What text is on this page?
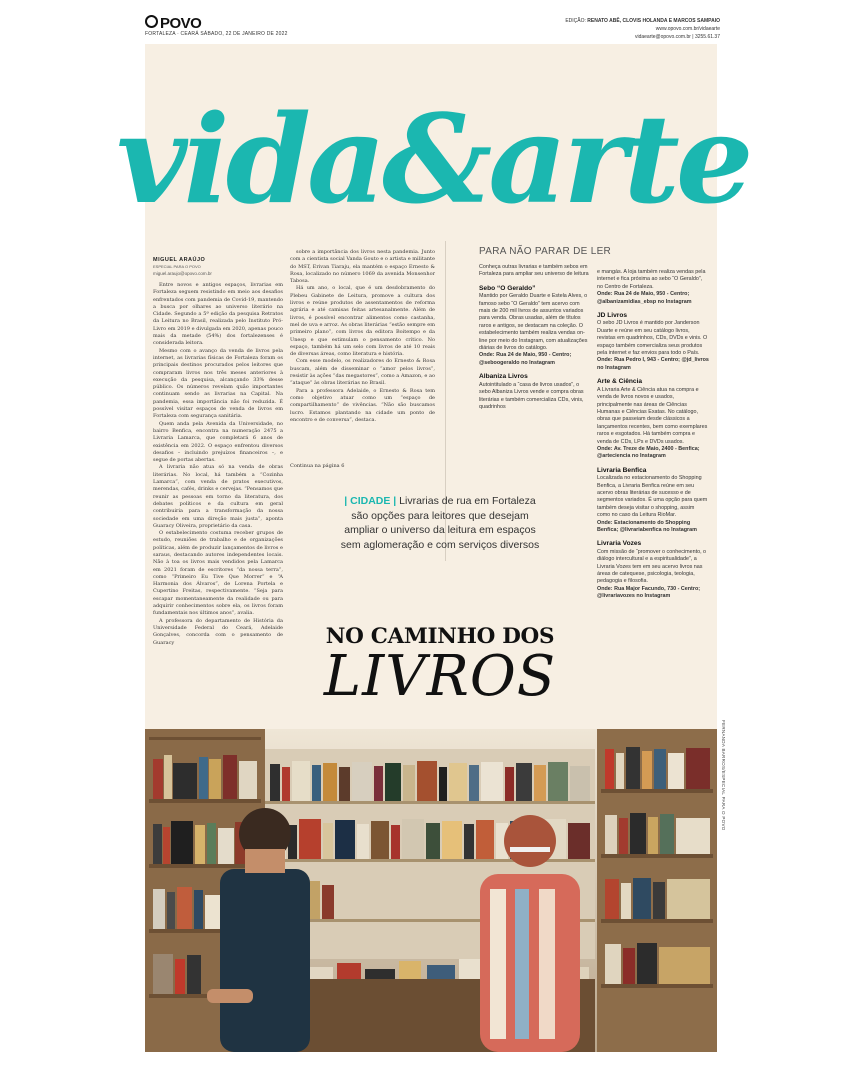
POVO
FORTALEZA · CEARÁ SÁBADO, 22 DE JANEIRO DE 2022
EDIÇÃO: RENATO ABÊ, CLOVIS HOLANDA E MARCOS SAMPAIO
www.opovo.com.br/vidaearte
vidaearte@opovo.com.br | 3255.61.37
vida&arte
MIGUEL ARAÚJO
ESPECIAL PARA O POVO
miguel.araujo@opovo.com.br

Entre novos e antigos espaços, livrarias em Fortaleza seguem resistindo em meio aos desafios enfrentados com pandemia de Covid-19, mantendo a busca por olhares ao universo literário na Cidade. Segundo a 5ª edição da pesquisa Retratos da Leitura no Brasil, realizada pelo Instituto Pró-Livro em 2019 e divulgada em 2020, apenas pouco mais da metade (54%) dos fortalezenses é considerada leitora.

Mesmo com o avanço da venda de livros pela internet, as livrarias físicas de Fortaleza foram os principais destinos procurados pelos leitores que compraram livros nos três meses anteriores à execução da pesquisa, alcançando 33% desse público. Os números revelam quão importantes continuam sendo as livrarias na Capital. Na pandemia, essa importância não foi reduzida. É possível visitar espaços de venda de livros em Fortaleza com segurança sanitária.

Quem anda pela Avenida da Universidade, no bairro Benfica, encontra na numeração 2475 a Livraria Lamarca, que completará 6 anos de existência em 2022. O espaço enfrentou diversos desafios – incluindo prejuízos financeiros –, e segue de portas abertas.

A livraria não atua só na venda de obras literárias. No local, há também a “Cozinha Lamarca”, com venda de pratos executivos, merendas, cafés, drinks e cervejas. “Pensamos que reunir as pessoas em torno da literatura, dos debates políticos e da cultura em geral contribuiria para a transformação da nossa sociedade em uma direção mais justa”, aponta Guaracy Oliveira, proprietário da casa.

O estabelecimento costuma receber grupos de estudo, reuniões de trabalho e de organizações políticas, além de produzir lançamentos de livros e saraus, destacando autores independentes locais. Não à toa os livros mais vendidos pela Lamarca em 2021 foram de escritores “da nossa terra”, como “Primeiro Eu Tive Que Morrer” e “A Harmonia dos Álvaros”, de Lorena Portela e Cupertino Freitas, respectivamente. “Seja para escapar momentaneamente da realidade ou para adquirir conhecimentos sobre ela, os livros foram fundamentais nos últimos anos”, avalia.

A professora do departamento de História da Universidade Federal do Ceará, Adelaide Gonçalves, concorda com o pensamento de Guaracy

sobre a importância dos livros nesta pandemia. Junto com a cientista social Vanda Gouto e o artista e militante do MST, Erivan Tiaraju, ela mantém o espaço Ernesto & Rosa, localizado no número 1069 da avenida Monsenhor Tabosa.

Há um ano, o local, que é um desdobramento do Plebeu Gabinete de Leitura, promove a cultura dos livros e reúne produtos de assentamentos de reforma agrária e até camisas feitas artesanalmente. Além de livros, é possível encontrar alimentos como castanha, mel de uva e arroz. As obras literárias “estão sempre em primeiro plano”, com livros da editora Boitempo e da Unesp e que estimulam o pensamento crítico. No espaço, também há um selo com livros de até 10 reais de diversas áreas, como literatura e história.

Com esse modelo, os realizadores do Ernesto & Rosa buscam, além de disseminar o “amor pelos livros”, resistir às ações “das megastores”, como a Amazon, e ao “ataque” às obras literárias no Brasil.

Para a professora Adelaide, o Ernesto & Rosa tem como objetivo atuar como um “espaço de compartilhamento” de vivências. “Não são buscamos lucro. Estamos plantando na cidade um ponto de encontro e de conversa”, destaca.

Continua na página 6
PARA NÃO PARAR DE LER

Conheça outras livrarias e também sebos em Fortaleza para ampliar seu universo de leitura

Sebo “O Geraldo”

Mantido por Geraldo Duarte e Estela Alves, o famoso sebo “O Geraldo” tem acervo com mais de 200 mil livros de assuntos variados para venda. Obras usadas, além de títulos raros e antigos, se destacam na coleção. O estabelecimento também realiza vendas on-line por meio do Instagram, com atualizações diárias de livros do catálogo.

Onde: Rua 24 de Maio, 950 - Centro; @seboogeraldo no Instagram

Albaniza Livros

Autointitulado a “casa de livros usados”, o sebo Albaniza Livros vende e compra obras literárias e também comercializa CDs, vinis, quadrinhos

e mangás. A loja também realiza vendas pela internet e fica próxima ao sebo “O Geraldo”, no Centro de Fortaleza.

Onde: Rua 24 de Maio, 950 - Centro; @albanizamidias_ebsp no Instagram

JD Livros

O sebo JD Livros é mantido por Janderson Duarte e reúne em seu catálogo livros, revistas em quadrinhos, CDs, DVDs e vinis. O espaço também comercializa seus produtos pela internet e faz envios para todo o País.

Onde: Rua Pedro I, 943 - Centro; @jd_livros no Instagram

Arte & Ciência

A Livraria Arte & Ciência atua na compra e venda de livros novos e usados, principalmente nas áreas de Ciências Humanas e Ciências Exatas. No catálogo, obras que passeiam desde clássicos a lançamentos recentes, bem como exemplares raros e esgotados. Há também compra e venda de CDs, LPs e DVDs usados.

Onde: Av. Treze de Maio, 2400 - Benfica; @arteciencia no Instagram

Livraria Benfica

Localizada no estacionamento do Shopping Benfica, a Livraria Benfica reúne em seu acervo obras literárias de sucesso e de segmentos variados. É uma opção para quem também deseja visitar o shopping, assim como no caso da Leitura RioMar.

Onde: Estacionamento do Shopping Benfica; @livrariabenfica no Instagram

Livraria Vozes

Com missão de “promover o conhecimento, o diálogo intercultural e a espiritualidade”, a Livraria Vozes tem em seu acervo livros nas áreas de catequese, psicologia, teologia, pedagogia e filosofia.

Onde: Rua Major Facundo, 730 - Centro; @livrariavozes no Instagram

| CIDADE | Livrarias de rua em Fortaleza são opções para leitores que desejam ampliar o universo da leitura em espaços sem aglomeração e com serviços diversos
NO CAMINHO DOS
LIVROS
FERNANDA BARROS/ESPECIAL PARA O POVO
